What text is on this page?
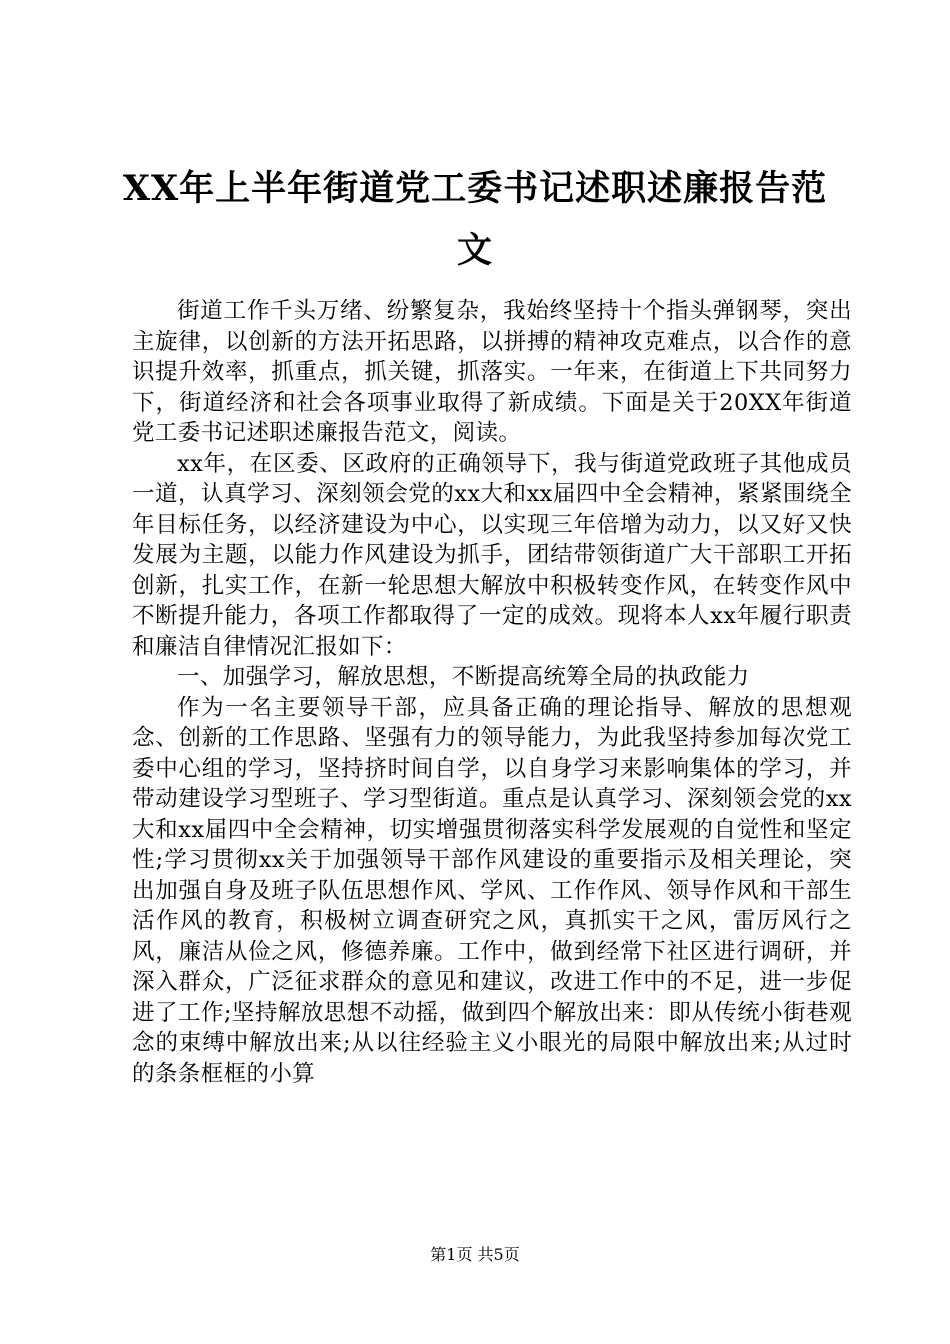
XX年上半年街道党工委书记述职述廉报告范文

街道工作千头万绪、纷繁复杂，我始终坚持十个指头弹钢琴，突出主旋律，以创新的方法开拓思路，以拼搏的精神攻克难点，以合作的意识提升效率，抓重点，抓关键，抓落实。一年来，在街道上下共同努力下，街道经济和社会各项事业取得了新成绩。下面是关于20XX年街道党工委书记述职述廉报告范文，阅读。

xx年，在区委、区政府的正确领导下，我与街道党政班子其他成员一道，认真学习、深刻领会党的xx大和xx届四中全会精神，紧紧围绕全年目标任务，以经济建设为中心，以实现三年倍增为动力，以又好又快发展为主题，以能力作风建设为抓手，团结带领街道广大干部职工开拓创新，扎实工作，在新一轮思想大解放中积极转变作风，在转变作风中不断提升能力，各项工作都取得了一定的成效。现将本人xx年履行职责和廉洁自律情况汇报如下：

一、加强学习，解放思想，不断提高统筹全局的执政能力

作为一名主要领导干部，应具备正确的理论指导、解放的思想观念、创新的工作思路、坚强有力的领导能力，为此我坚持参加每次党工委中心组的学习，坚持挤时间自学，以自身学习来影响集体的学习，并带动建设学习型班子、学习型街道。重点是认真学习、深刻领会党的xx大和xx届四中全会精神，切实增强贯彻落实科学发展观的自觉性和坚定性;学习贯彻xx关于加强领导干部作风建设的重要指示及相关理论，突出加强自身及班子队伍思想作风、学风、工作作风、领导作风和干部生活作风的教育，积极树立调查研究之风，真抓实干之风，雷厉风行之风，廉洁从俭之风，修德养廉。工作中，做到经常下社区进行调研，并深入群众，广泛征求群众的意见和建议，改进工作中的不足，进一步促进了工作;坚持解放思想不动摇，做到四个解放出来：即从传统小街巷观念的束缚中解放出来;从以往经验主义小眼光的局限中解放出来;从过时的条条框框的小算

第1页 共5页
